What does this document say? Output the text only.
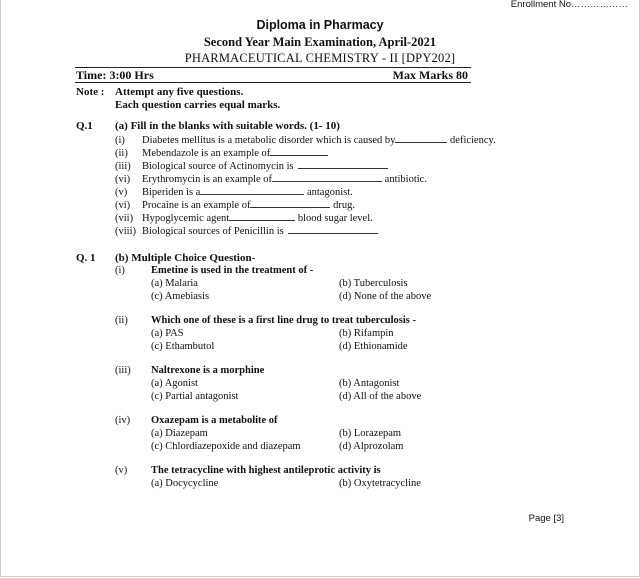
Enrollment No………………
Diploma in Pharmacy
Second Year Main Examination, April-2021
PHARMACEUTICAL CHEMISTRY - II [DPY202]
Time: 3:00 Hrs	Max Marks 80
Note : Attempt any five questions.
Each question carries equal marks.
Q.1 (a) Fill in the blanks with suitable words. (1- 10)
(i) Diabetes mellitus is a metabolic disorder which is caused by	deficiency.
(ii) Mebendazole is an example of
(iii) Biological source of Actinomycin is
(vi) Erythromycin is an example of	antibiotic.
(v) Biperiden is a	antagonist.
(vi) Procaine is an example of	drug.
(vii) Hypoglycemic agent	blood sugar level.
(viii) Biological sources of Penicillin is
Q. 1 (b) Multiple Choice Question-
(i) Emetine is used in the treatment of -
(a) Malaria	(b) Tuberculosis
(c) Amebiasis	(d) None of the above
(ii) Which one of these is a first line drug to treat tuberculosis -
(a) PAS	(b) Rifampin
(c) Ethambutol	(d) Ethionamide
(iii) Naltrexone is a morphine
(a) Agonist	(b) Antagonist
(c) Partial antagonist	(d) All of the above
(iv) Oxazepam is a metabolite of
(a) Diazepam	(b) Lorazepam
(c) Chlordiazepoxide and diazepam	(d) Alprozolam
(v) The tetracycline with highest antileprotic activity is
(a) Docycycline	(b) Oxytetracycline
Page [3]
